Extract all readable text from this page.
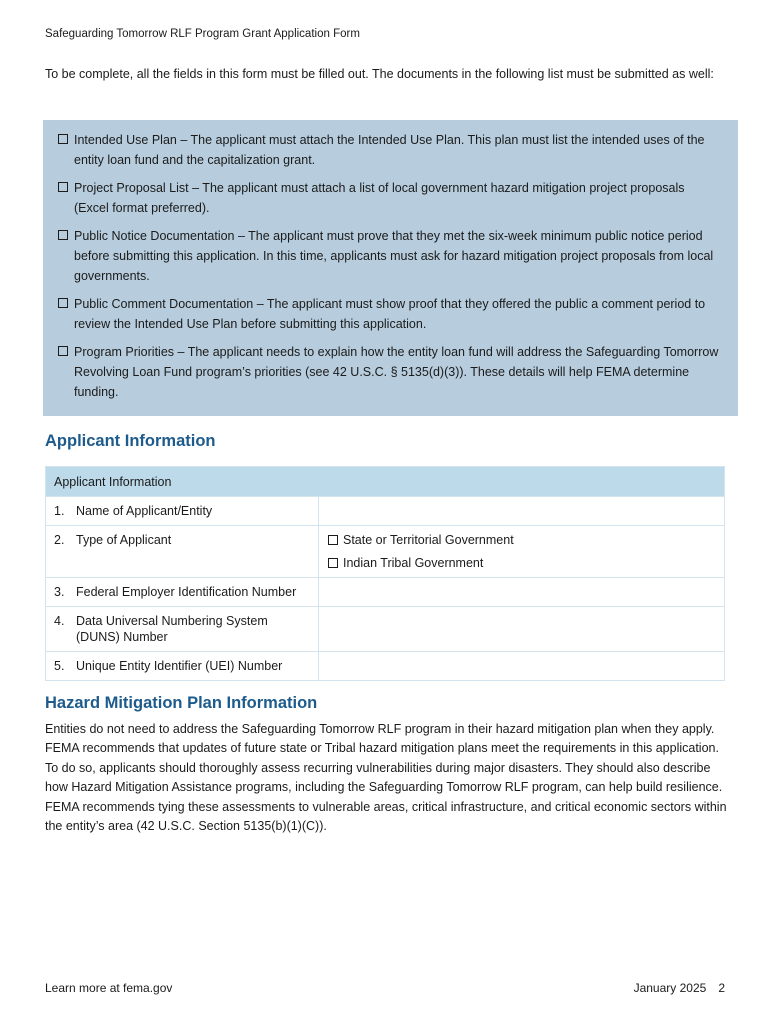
Safeguarding Tomorrow RLF Program Grant Application Form
To be complete, all the fields in this form must be filled out. The documents in the following list must be submitted as well:
Intended Use Plan – The applicant must attach the Intended Use Plan. This plan must list the intended uses of the entity loan fund and the capitalization grant.
Project Proposal List – The applicant must attach a list of local government hazard mitigation project proposals (Excel format preferred).
Public Notice Documentation – The applicant must prove that they met the six-week minimum public notice period before submitting this application. In this time, applicants must ask for hazard mitigation project proposals from local governments.
Public Comment Documentation – The applicant must show proof that they offered the public a comment period to review the Intended Use Plan before submitting this application.
Program Priorities – The applicant needs to explain how the entity loan fund will address the Safeguarding Tomorrow Revolving Loan Fund program’s priorities (see 42 U.S.C. § 5135(d)(3)). These details will help FEMA determine funding.
Applicant Information
Applicant Information	
1. Name of Applicant/Entity	
2. Type of Applicant	State or Territorial Government
Indian Tribal Government

3. Federal Employer Identification Number	
4. Data Universal Numbering System (DUNS) Number	
5. Unique Entity Identifier (UEI) Number	
Hazard Mitigation Plan Information
Entities do not need to address the Safeguarding Tomorrow RLF program in their hazard mitigation plan when they apply. FEMA recommends that updates of future state or Tribal hazard mitigation plans meet the requirements in this application. To do so, applicants should thoroughly assess recurring vulnerabilities during major disasters. They should also describe how Hazard Mitigation Assistance programs, including the Safeguarding Tomorrow RLF program, can help build resilience. FEMA recommends tying these assessments to vulnerable areas, critical infrastructure, and critical economic sectors within the entity’s area (42 U.S.C. Section 5135(b)(1)(C)).
Learn more at fema.gov	January 2025 2
